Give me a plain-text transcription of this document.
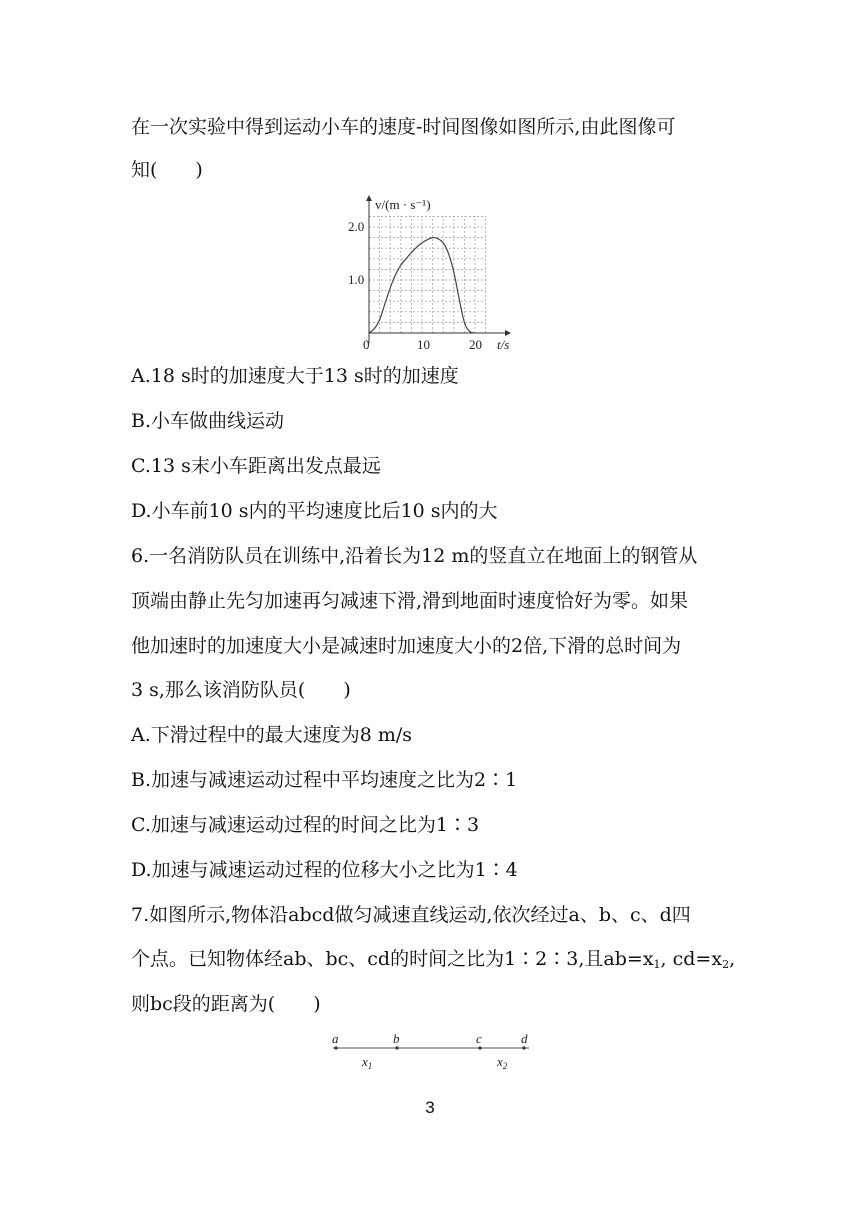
在一次实验中得到运动小车的速度-时间图像如图所示,由此图像可
知(　　)
v/(m · s⁻¹)
t/s
0	10	20
1.0
2.0
A.18 s时的加速度大于13 s时的加速度
B.小车做曲线运动
C.13 s末小车距离出发点最远
D.小车前10 s内的平均速度比后10 s内的大
6.一名消防队员在训练中,沿着长为12 m的竖直立在地面上的钢管从
顶端由静止先匀加速再匀减速下滑,滑到地面时速度恰好为零。如果
他加速时的加速度大小是减速时加速度大小的2倍,下滑的总时间为
3 s,那么该消防队员(　　)
A.下滑过程中的最大速度为8 m/s
B.加速与减速运动过程中平均速度之比为2∶1
C.加速与减速运动过程的时间之比为1∶3
D.加速与减速运动过程的位移大小之比为1∶4
7.如图所示,物体沿abcd做匀减速直线运动,依次经过a、b、c、d四
个点。已知物体经ab、bc、cd的时间之比为1∶2∶3,且$ab=x_1$, $cd=x_2$,
则bc段的距离为(　　)
a	b	c	d
$x_1$	$x_2$
3
